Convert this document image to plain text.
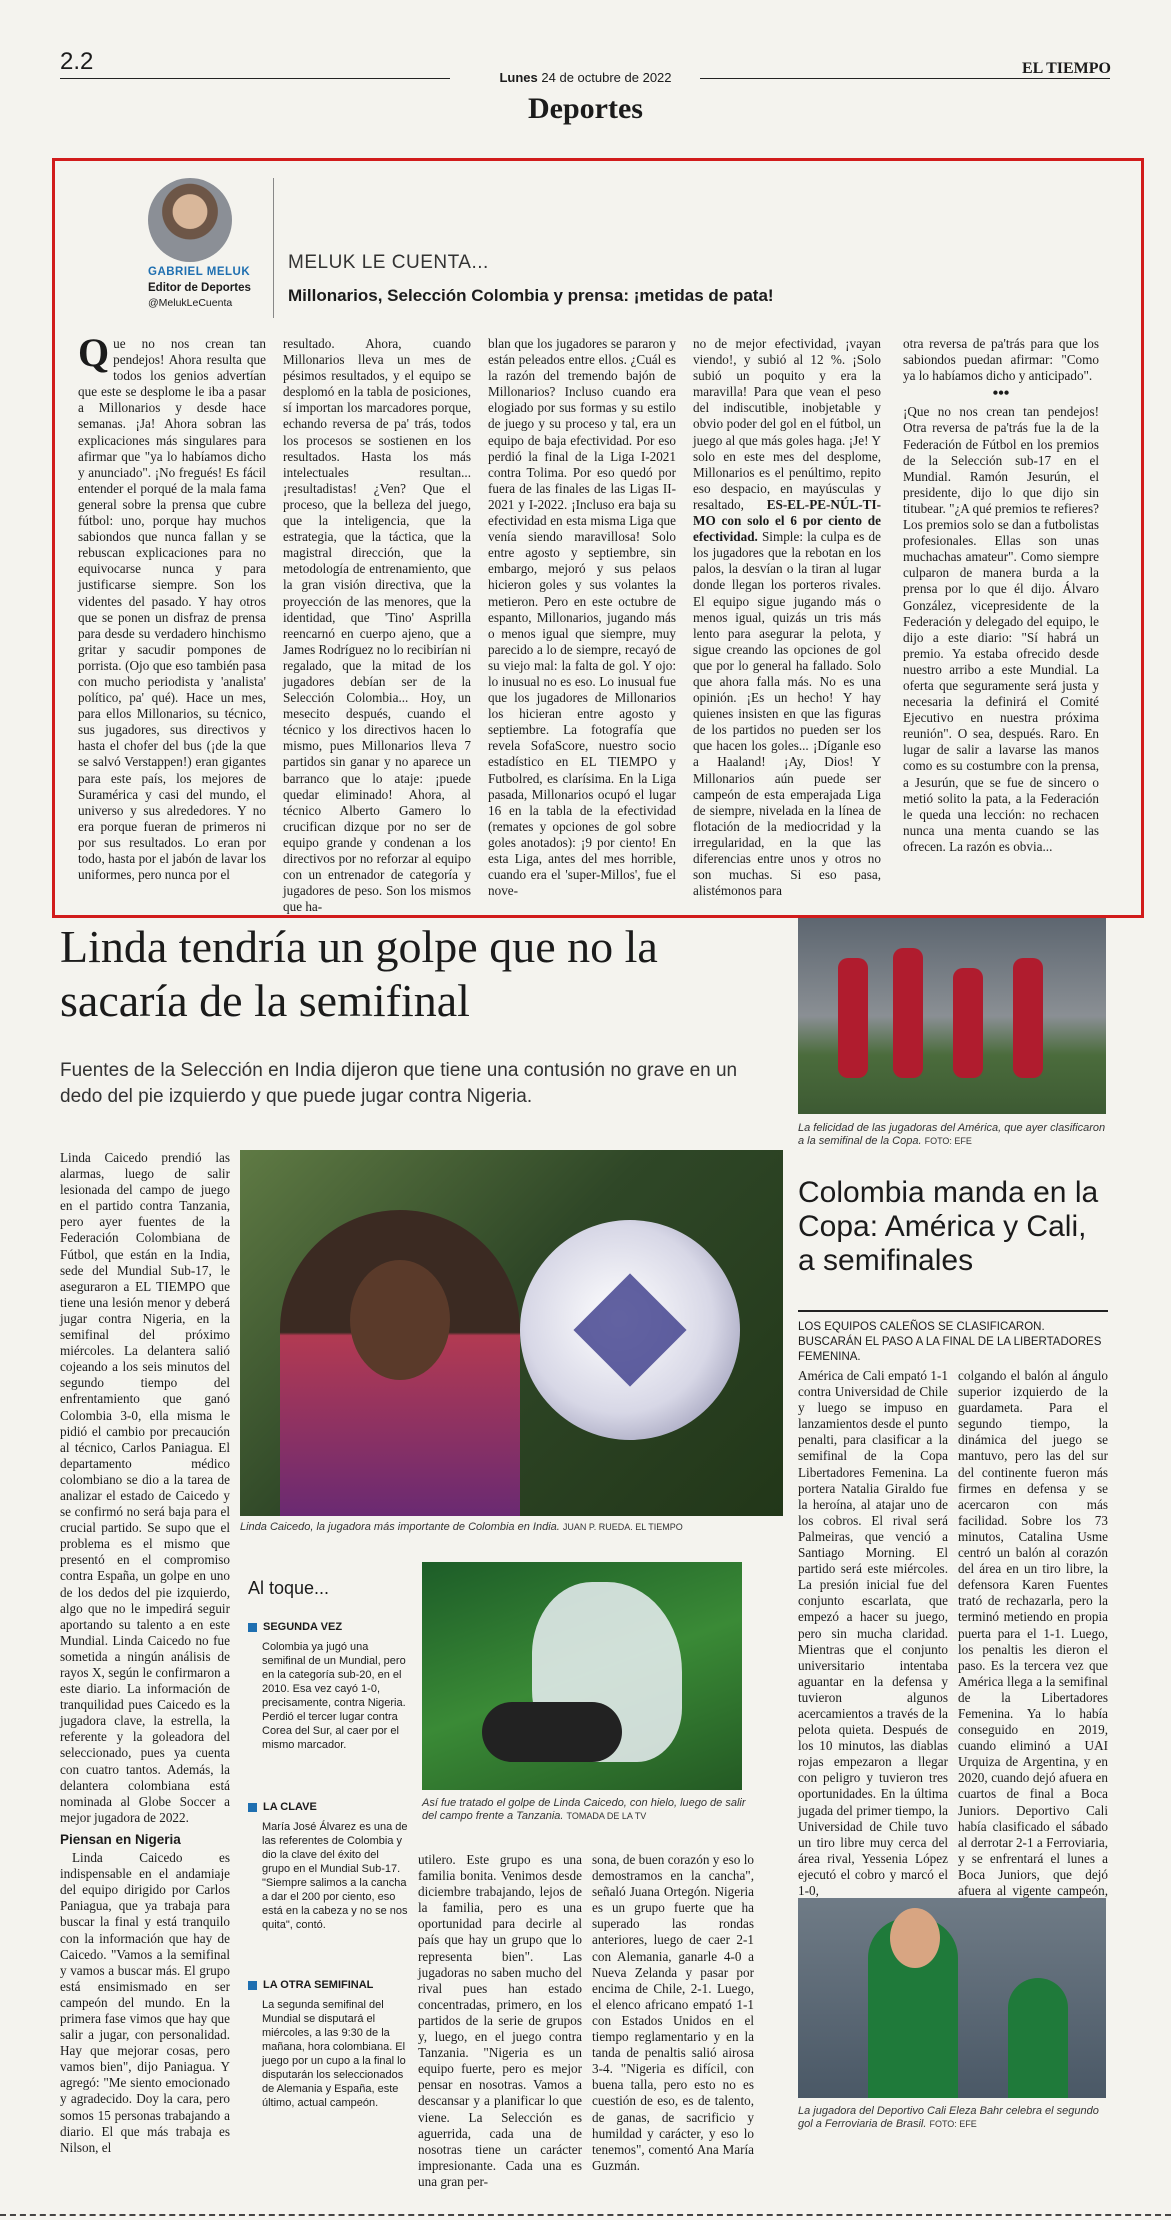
2.2
Lunes 24 de octubre de 2022
EL TIEMPO
Deportes
GABRIEL MELUK
Editor de Deportes
@MelukLeCuenta
MELUK LE CUENTA...
Millonarios, Selección Colombia y prensa: ¡metidas de pata!
Que no nos crean tan pendejos! Ahora resulta que todos los genios advertían que este se desplome le iba a pasar a Millonarios y desde hace semanas. ¡Ja! Ahora sobran las explicaciones más singulares para afirmar que "ya lo habíamos dicho y anunciado". ¡No fregués! Es fácil entender el porqué de la mala fama general sobre la prensa que cubre fútbol: uno, porque hay muchos sabiondos que nunca fallan y se rebuscan explicaciones para no equivocarse nunca y para justificarse siempre. Son los videntes del pasado. Y hay otros que se ponen un disfraz de prensa para desde su verdadero hinchismo gritar y sacudir pompones de porrista. (Ojo que eso también pasa con mucho periodista y 'analista' político, pa' qué). Hace un mes, para ellos Millonarios, su técnico, sus jugadores, sus directivos y hasta el chofer del bus (¡de la que se salvó Verstappen!) eran gigantes para este país, los mejores de Suramérica y casi del mundo, el universo y sus alrededores. Y no era porque fueran de primeros ni por sus resultados. Lo eran por todo, hasta por el jabón de lavar los uniformes, pero nunca por el
resultado. Ahora, cuando Millonarios lleva un mes de pésimos resultados, y el equipo se desplomó en la tabla de posiciones, sí importan los marcadores porque, echando reversa de pa' trás, todos los procesos se sostienen en los resultados. Hasta los más intelectuales resultan... ¡resultadistas! ¿Ven? Que el proceso, que la belleza del juego, que la inteligencia, que la estrategia, que la táctica, que la magistral dirección, que la metodología de entrenamiento, que la gran visión directiva, que la proyección de las menores, que la identidad, que 'Tino' Asprilla reencarnó en cuerpo ajeno, que a James Rodríguez no lo recibirían ni regalado, que la mitad de los jugadores debían ser de la Selección Colombia... Hoy, un mesecito después, cuando el técnico y los directivos hacen lo mismo, pues Millonarios lleva 7 partidos sin ganar y no aparece un barranco que lo ataje: ¡puede quedar eliminado! Ahora, al técnico Alberto Gamero lo crucifican dizque por no ser de equipo grande y condenan a los directivos por no reforzar al equipo con un entrenador de categoría y jugadores de peso. Son los mismos que ha-
blan que los jugadores se pararon y están peleados entre ellos. ¿Cuál es la razón del tremendo bajón de Millonarios? Incluso cuando era elogiado por sus formas y su estilo de juego y su proceso y tal, era un equipo de baja efectividad. Por eso perdió la final de la Liga I-2021 contra Tolima. Por eso quedó por fuera de las finales de las Ligas II-2021 y I-2022. ¡Incluso era baja su efectividad en esta misma Liga que venía siendo maravillosa! Solo entre agosto y septiembre, sin embargo, mejoró y sus pelaos hicieron goles y sus volantes la metieron. Pero en este octubre de espanto, Millonarios, jugando más o menos igual que siempre, muy parecido a lo de siempre, recayó de su viejo mal: la falta de gol. Y ojo: lo inusual no es eso. Lo inusual fue que los jugadores de Millonarios los hicieran entre agosto y septiembre. La fotografía que revela SofaScore, nuestro socio estadístico en EL TIEMPO y Futbolred, es clarísima. En la Liga pasada, Millonarios ocupó el lugar 16 en la tabla de la efectividad (remates y opciones de gol sobre goles anotados): ¡9 por ciento! En esta Liga, antes del mes horrible, cuando era el 'super-Millos', fue el nove-
no de mejor efectividad, ¡vayan viendo!, y subió al 12 %. ¡Solo subió un poquito y era la maravilla! Para que vean el peso del indiscutible, inobjetable y obvio poder del gol en el fútbol, un juego al que más goles haga. ¡Je! Y solo en este mes del desplome, Millonarios es el penúltimo, repito eso despacio, en mayúsculas y resaltado, ES-EL-PE-NÚL-TI-MO con solo el 6 por ciento de efectividad. Simple: la culpa es de los jugadores que la rebotan en los palos, la desvían o la tiran al lugar donde llegan los porteros rivales. El equipo sigue jugando más o menos igual, quizás un tris más lento para asegurar la pelota, y sigue creando las opciones de gol que por lo general ha fallado. Solo que ahora falla más. No es una opinión. ¡Es un hecho! Y hay quienes insisten en que las figuras de los partidos no pueden ser los que hacen los goles... ¡Díganle eso a Haaland! ¡Ay, Dios! Y Millonarios aún puede ser campeón de esta emperajada Liga de siempre, nivelada en la línea de flotación de la mediocridad y la irregularidad, en la que las diferencias entre unos y otros no son muchas. Si eso pasa, alistémonos para
otra reversa de pa'trás para que los sabiondos puedan afirmar: "Como ya lo habíamos dicho y anticipado".
•••
¡Que no nos crean tan pendejos! Otra reversa de pa'trás fue la de la Federación de Fútbol en los premios de la Selección sub-17 en el Mundial. Ramón Jesurún, el presidente, dijo lo que dijo sin titubear. "¿A qué premios te refieres? Los premios solo se dan a futbolistas profesionales. Ellas son unas muchachas amateur". Como siempre culparon de manera burda a la prensa por lo que él dijo. Álvaro González, vicepresidente de la Federación y delegado del equipo, le dijo a este diario: "Sí habrá un premio. Ya estaba ofrecido desde nuestro arribo a este Mundial. La oferta que seguramente será justa y necesaria la definirá el Comité Ejecutivo en nuestra próxima reunión". O sea, después. Raro. En lugar de salir a lavarse las manos como es su costumbre con la prensa, a Jesurún, que se fue de sincero o metió solito la pata, a la Federación le queda una lección: no rechacen nunca una menta cuando se las ofrecen. La razón es obvia...
Linda tendría un golpe que no la sacaría de la semifinal
Fuentes de la Selección en India dijeron que tiene una contusión no grave en un dedo del pie izquierdo y que puede jugar contra Nigeria.
Linda Caicedo, la jugadora más importante de Colombia en India. JUAN P. RUEDA. EL TIEMPO

Linda Caicedo prendió las alarmas, luego de salir lesionada del campo de juego en el partido contra Tanzania, pero ayer fuentes de la Federación Colombiana de Fútbol, que están en la India, sede del Mundial Sub-17, le aseguraron a EL TIEMPO que tiene una lesión menor y deberá jugar contra Nigeria, en la semifinal del próximo miércoles. La delantera salió cojeando a los seis minutos del segundo tiempo del enfrentamiento que ganó Colombia 3-0, ella misma le pidió el cambio por precaución al técnico, Carlos Paniagua. El departamento médico colombiano se dio a la tarea de analizar el estado de Caicedo y se confirmó no será baja para el crucial partido. Se supo que el problema es el mismo que presentó en el compromiso contra España, un golpe en uno de los dedos del pie izquierdo, algo que no le impedirá seguir aportando su talento a en este Mundial. Linda Caicedo no fue sometida a ningún análisis de rayos X, según le confirmaron a este diario. La información de tranquilidad pues Caicedo es la jugadora clave, la estrella, la referente y la goleadora del seleccionado, pues ya cuenta con cuatro tantos. Además, la delantera colombiana está nominada al Globe Soccer a mejor jugadora de 2022.

Piensan en Nigeria

Linda Caicedo es indispensable en el andamiaje del equipo dirigido por Carlos Paniagua, que ya trabaja para buscar la final y está tranquilo con la información que hay de Caicedo. "Vamos a la semifinal y vamos a buscar más. El grupo está ensimismado en ser campeón del mundo. En la primera fase vimos que hay que salir a jugar, con personalidad. Hay que mejorar cosas, pero vamos bien", dijo Paniagua. Y agregó: "Me siento emocionado y agradecido. Doy la cara, pero somos 15 personas trabajando a diario. El que más trabaja es Nilson, el

Al toque...
SEGUNDA VEZ
Colombia ya jugó una semifinal de un Mundial, pero en la categoría sub-20, en el 2010. Esa vez cayó 1-0, precisamente, contra Nigeria. Perdió el tercer lugar contra Corea del Sur, al caer por el mismo marcador.
LA CLAVE
María José Álvarez es una de las referentes de Colombia y dio la clave del éxito del grupo en el Mundial Sub-17. "Siempre salimos a la cancha a dar el 200 por ciento, eso está en la cabeza y no se nos quita", contó.
LA OTRA SEMIFINAL
La segunda semifinal del Mundial se disputará el miércoles, a las 9:30 de la mañana, hora colombiana. El juego por un cupo a la final lo disputarán los seleccionados de Alemania y España, este último, actual campeón.
Así fue tratado el golpe de Linda Caicedo, con hielo, luego de salir del campo frente a Tanzania. TOMADA DE LA TV
utilero. Este grupo es una familia bonita. Venimos desde diciembre trabajando, lejos de la familia, pero es una oportunidad para decirle al país que hay un grupo que lo representa bien". Las jugadoras no saben mucho del rival pues han estado concentradas, primero, en los partidos de la serie de grupos y, luego, en el juego contra Tanzania. "Nigeria es un equipo fuerte, pero es mejor pensar en nosotras. Vamos a descansar y a planificar lo que viene. La Selección es aguerrida, cada una de nosotras tiene un carácter impresionante. Cada una es una gran per-
sona, de buen corazón y eso lo demostramos en la cancha", señaló Juana Ortegón. Nigeria es un grupo fuerte que ha superado las rondas anteriores, luego de caer 2-1 con Alemania, ganarle 4-0 a Nueva Zelanda y pasar por encima de Chile, 2-1. Luego, el elenco africano empató 1-1 con Estados Unidos en el tiempo reglamentario y en la tanda de penaltis salió airosa 3-4. "Nigeria es difícil, con buena talla, pero esto no es cuestión de eso, es de talento, de ganas, de sacrificio y humildad y carácter, y eso lo tenemos", comentó Ana María Guzmán.
La felicidad de las jugadoras del América, que ayer clasificaron a la semifinal de la Copa. FOTO: EFE
Colombia manda en la Copa: América y Cali, a semifinales
LOS EQUIPOS CALEÑOS SE CLASIFICARON. BUSCARÁN EL PASO A LA FINAL DE LA LIBERTADORES FEMENINA.
América de Cali empató 1-1 contra Universidad de Chile y luego se impuso en lanzamientos desde el punto penalti, para clasificar a la semifinal de la Copa Libertadores Femenina. La portera Natalia Giraldo fue la heroína, al atajar uno de los cobros. El rival será Palmeiras, que venció a Santiago Morning. El partido será este miércoles. La presión inicial fue del conjunto escarlata, que empezó a hacer su juego, pero sin mucha claridad. Mientras que el conjunto universitario intentaba aguantar en la defensa y tuvieron algunos acercamientos a través de la pelota quieta. Después de los 10 minutos, las diablas rojas empezaron a llegar con peligro y tuvieron tres oportunidades. En la última jugada del primer tiempo, la Universidad de Chile tuvo un tiro libre muy cerca del área rival, Yessenia López ejecutó el cobro y marcó el 1-0,
colgando el balón al ángulo superior izquierdo de la guardameta. Para el segundo tiempo, la dinámica del juego se mantuvo, pero las del sur del continente fueron más firmes en defensa y se acercaron con más facilidad. Sobre los 73 minutos, Catalina Usme centró un balón al corazón del área en un tiro libre, la defensora Karen Fuentes trató de rechazarla, pero la terminó metiendo en propia puerta para el 1-1. Luego, los penaltis les dieron el paso. Es la tercera vez que América llega a la semifinal de la Libertadores Femenina. Ya lo había conseguido en 2019, cuando eliminó a UAI Urquiza de Argentina, y en 2020, cuando dejó afuera en cuartos de final a Boca Juniors. Deportivo Cali había clasificado el sábado al derrotar 2-1 a Ferroviaria, y se enfrentará el lunes a Boca Juniors, que dejó afuera al vigente campeón,
La jugadora del Deportivo Cali Eleza Bahr celebra el segundo gol a Ferroviaria de Brasil. FOTO: EFE
